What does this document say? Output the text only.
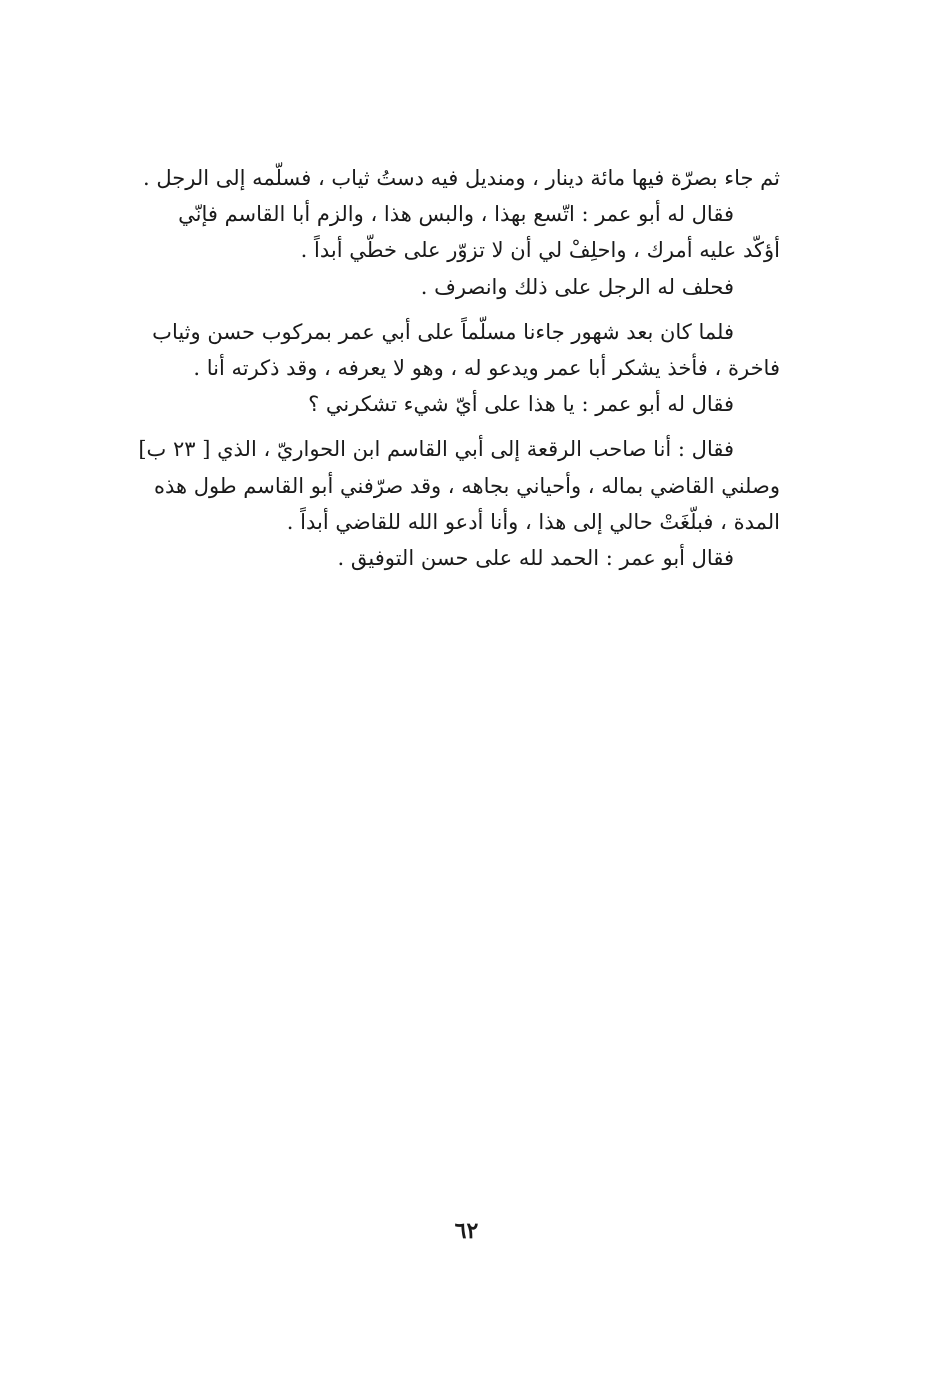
ثم جاء بصرّة فيها مائة دينار ، ومنديل فيه دستُ ثياب ، فسلّمه إلى الرجل .
فقال له أبو عمر : اتّسع بهذا ، والبس هذا ، والزم أبا القاسم فإنّي
أؤكّد عليه أمرك ، واحلِفْ لي أن لا تزوّر على خطّي أبداً .
فحلف له الرجل على ذلك وانصرف .
فلما كان بعد شهور جاءنا مسلّماً على أبي عمر بمركوب حسن وثياب
فاخرة ، فأخذ يشكر أبا عمر ويدعو له ، وهو لا يعرفه ، وقد ذكرته أنا .
فقال له أبو عمر : يا هذا على أيّ شيء تشكرني ؟
فقال : أنا صاحب الرقعة إلى أبي القاسم ابن الحواريّ ، الذي [ ٢٣ ب]
وصلني القاضي بماله ، وأحياني بجاهه ، وقد صرّفني أبو القاسم طول هذه
المدة ، فبلّغَتْ حالي إلى هذا ، وأنا أدعو الله للقاضي أبداً .
فقال أبو عمر : الحمد لله على حسن التوفيق .
٦٢
